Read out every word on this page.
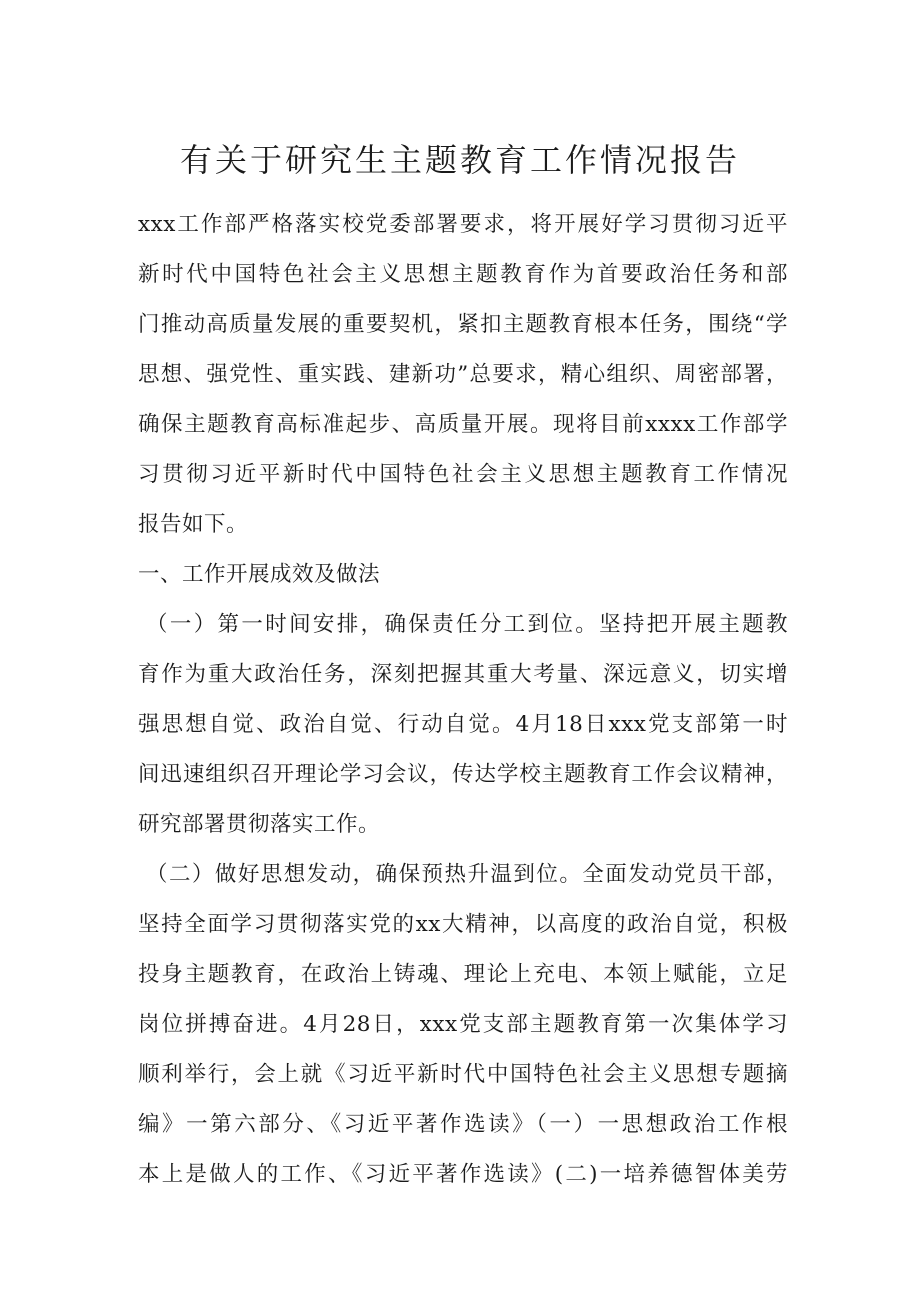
有关于研究生主题教育工作情况报告
xxx工作部严格落实校党委部署要求，将开展好学习贯彻习近平
新时代中国特色社会主义思想主题教育作为首要政治任务和部
门推动高质量发展的重要契机，紧扣主题教育根本任务，围绕“学
思想、强党性、重实践、建新功”总要求，精心组织、周密部署，
确保主题教育高标准起步、高质量开展。现将目前xxxx工作部学
习贯彻习近平新时代中国特色社会主义思想主题教育工作情况
报告如下。
一、工作开展成效及做法
（一）第一时间安排，确保责任分工到位。坚持把开展主题教
育作为重大政治任务，深刻把握其重大考量、深远意义，切实增
强思想自觉、政治自觉、行动自觉。4月18日xxx党支部第一时
间迅速组织召开理论学习会议，传达学校主题教育工作会议精神，
研究部署贯彻落实工作。
（二）做好思想发动，确保预热升温到位。全面发动党员干部，
坚持全面学习贯彻落实党的xx大精神，以高度的政治自觉，积极
投身主题教育，在政治上铸魂、理论上充电、本领上赋能，立足
岗位拼搏奋进。4月28日，xxx党支部主题教育第一次集体学习
顺利举行，会上就《习近平新时代中国特色社会主义思想专题摘
编》一第六部分、《习近平著作选读》（一）一思想政治工作根
本上是做人的工作、《习近平著作选读》(二)一培养德智体美劳
